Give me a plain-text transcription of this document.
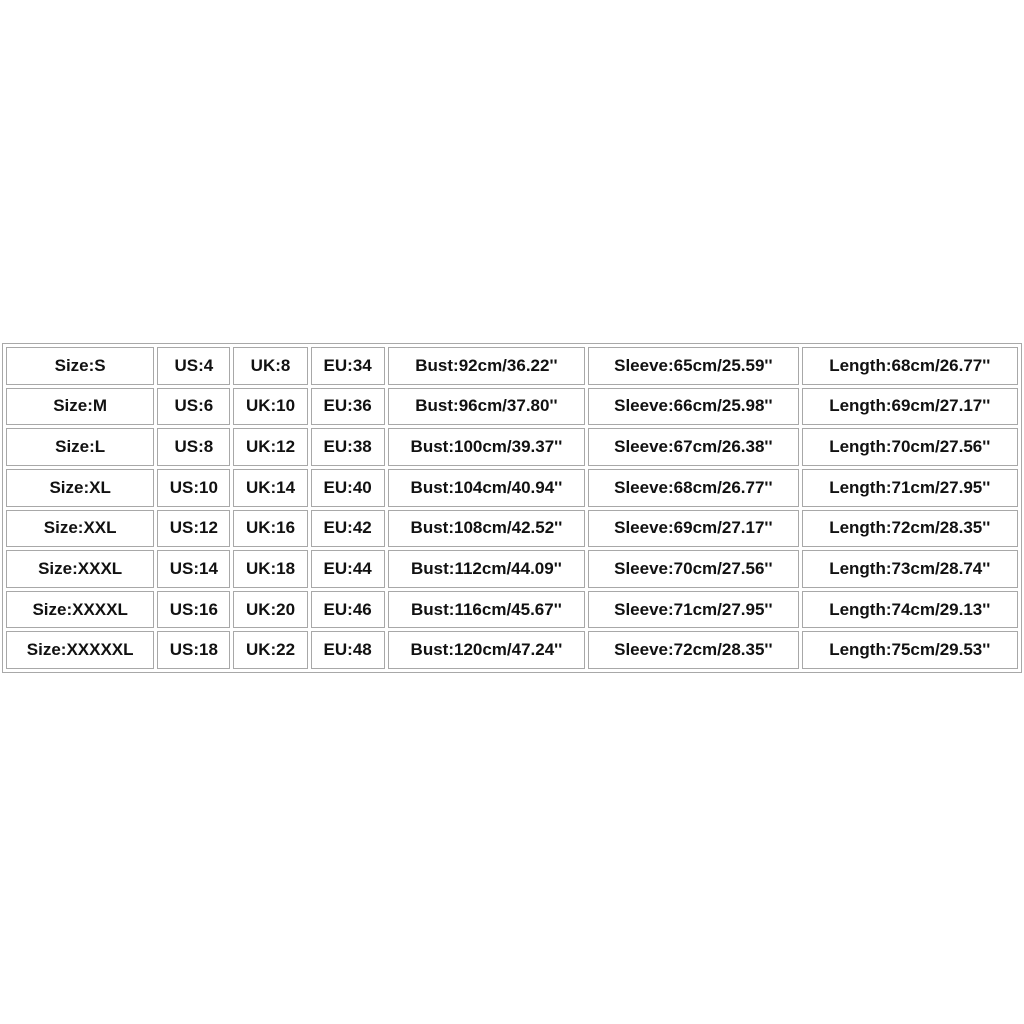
Size:S	US:4	UK:8	EU:34	Bust:92cm/36.22''	Sleeve:65cm/25.59''	Length:68cm/26.77''
Size:M	US:6	UK:10	EU:36	Bust:96cm/37.80''	Sleeve:66cm/25.98''	Length:69cm/27.17''
Size:L	US:8	UK:12	EU:38	Bust:100cm/39.37''	Sleeve:67cm/26.38''	Length:70cm/27.56''
Size:XL	US:10	UK:14	EU:40	Bust:104cm/40.94''	Sleeve:68cm/26.77''	Length:71cm/27.95''
Size:XXL	US:12	UK:16	EU:42	Bust:108cm/42.52''	Sleeve:69cm/27.17''	Length:72cm/28.35''
Size:XXXL	US:14	UK:18	EU:44	Bust:112cm/44.09''	Sleeve:70cm/27.56''	Length:73cm/28.74''
Size:XXXXL	US:16	UK:20	EU:46	Bust:116cm/45.67''	Sleeve:71cm/27.95''	Length:74cm/29.13''
Size:XXXXXL	US:18	UK:22	EU:48	Bust:120cm/47.24''	Sleeve:72cm/28.35''	Length:75cm/29.53''
